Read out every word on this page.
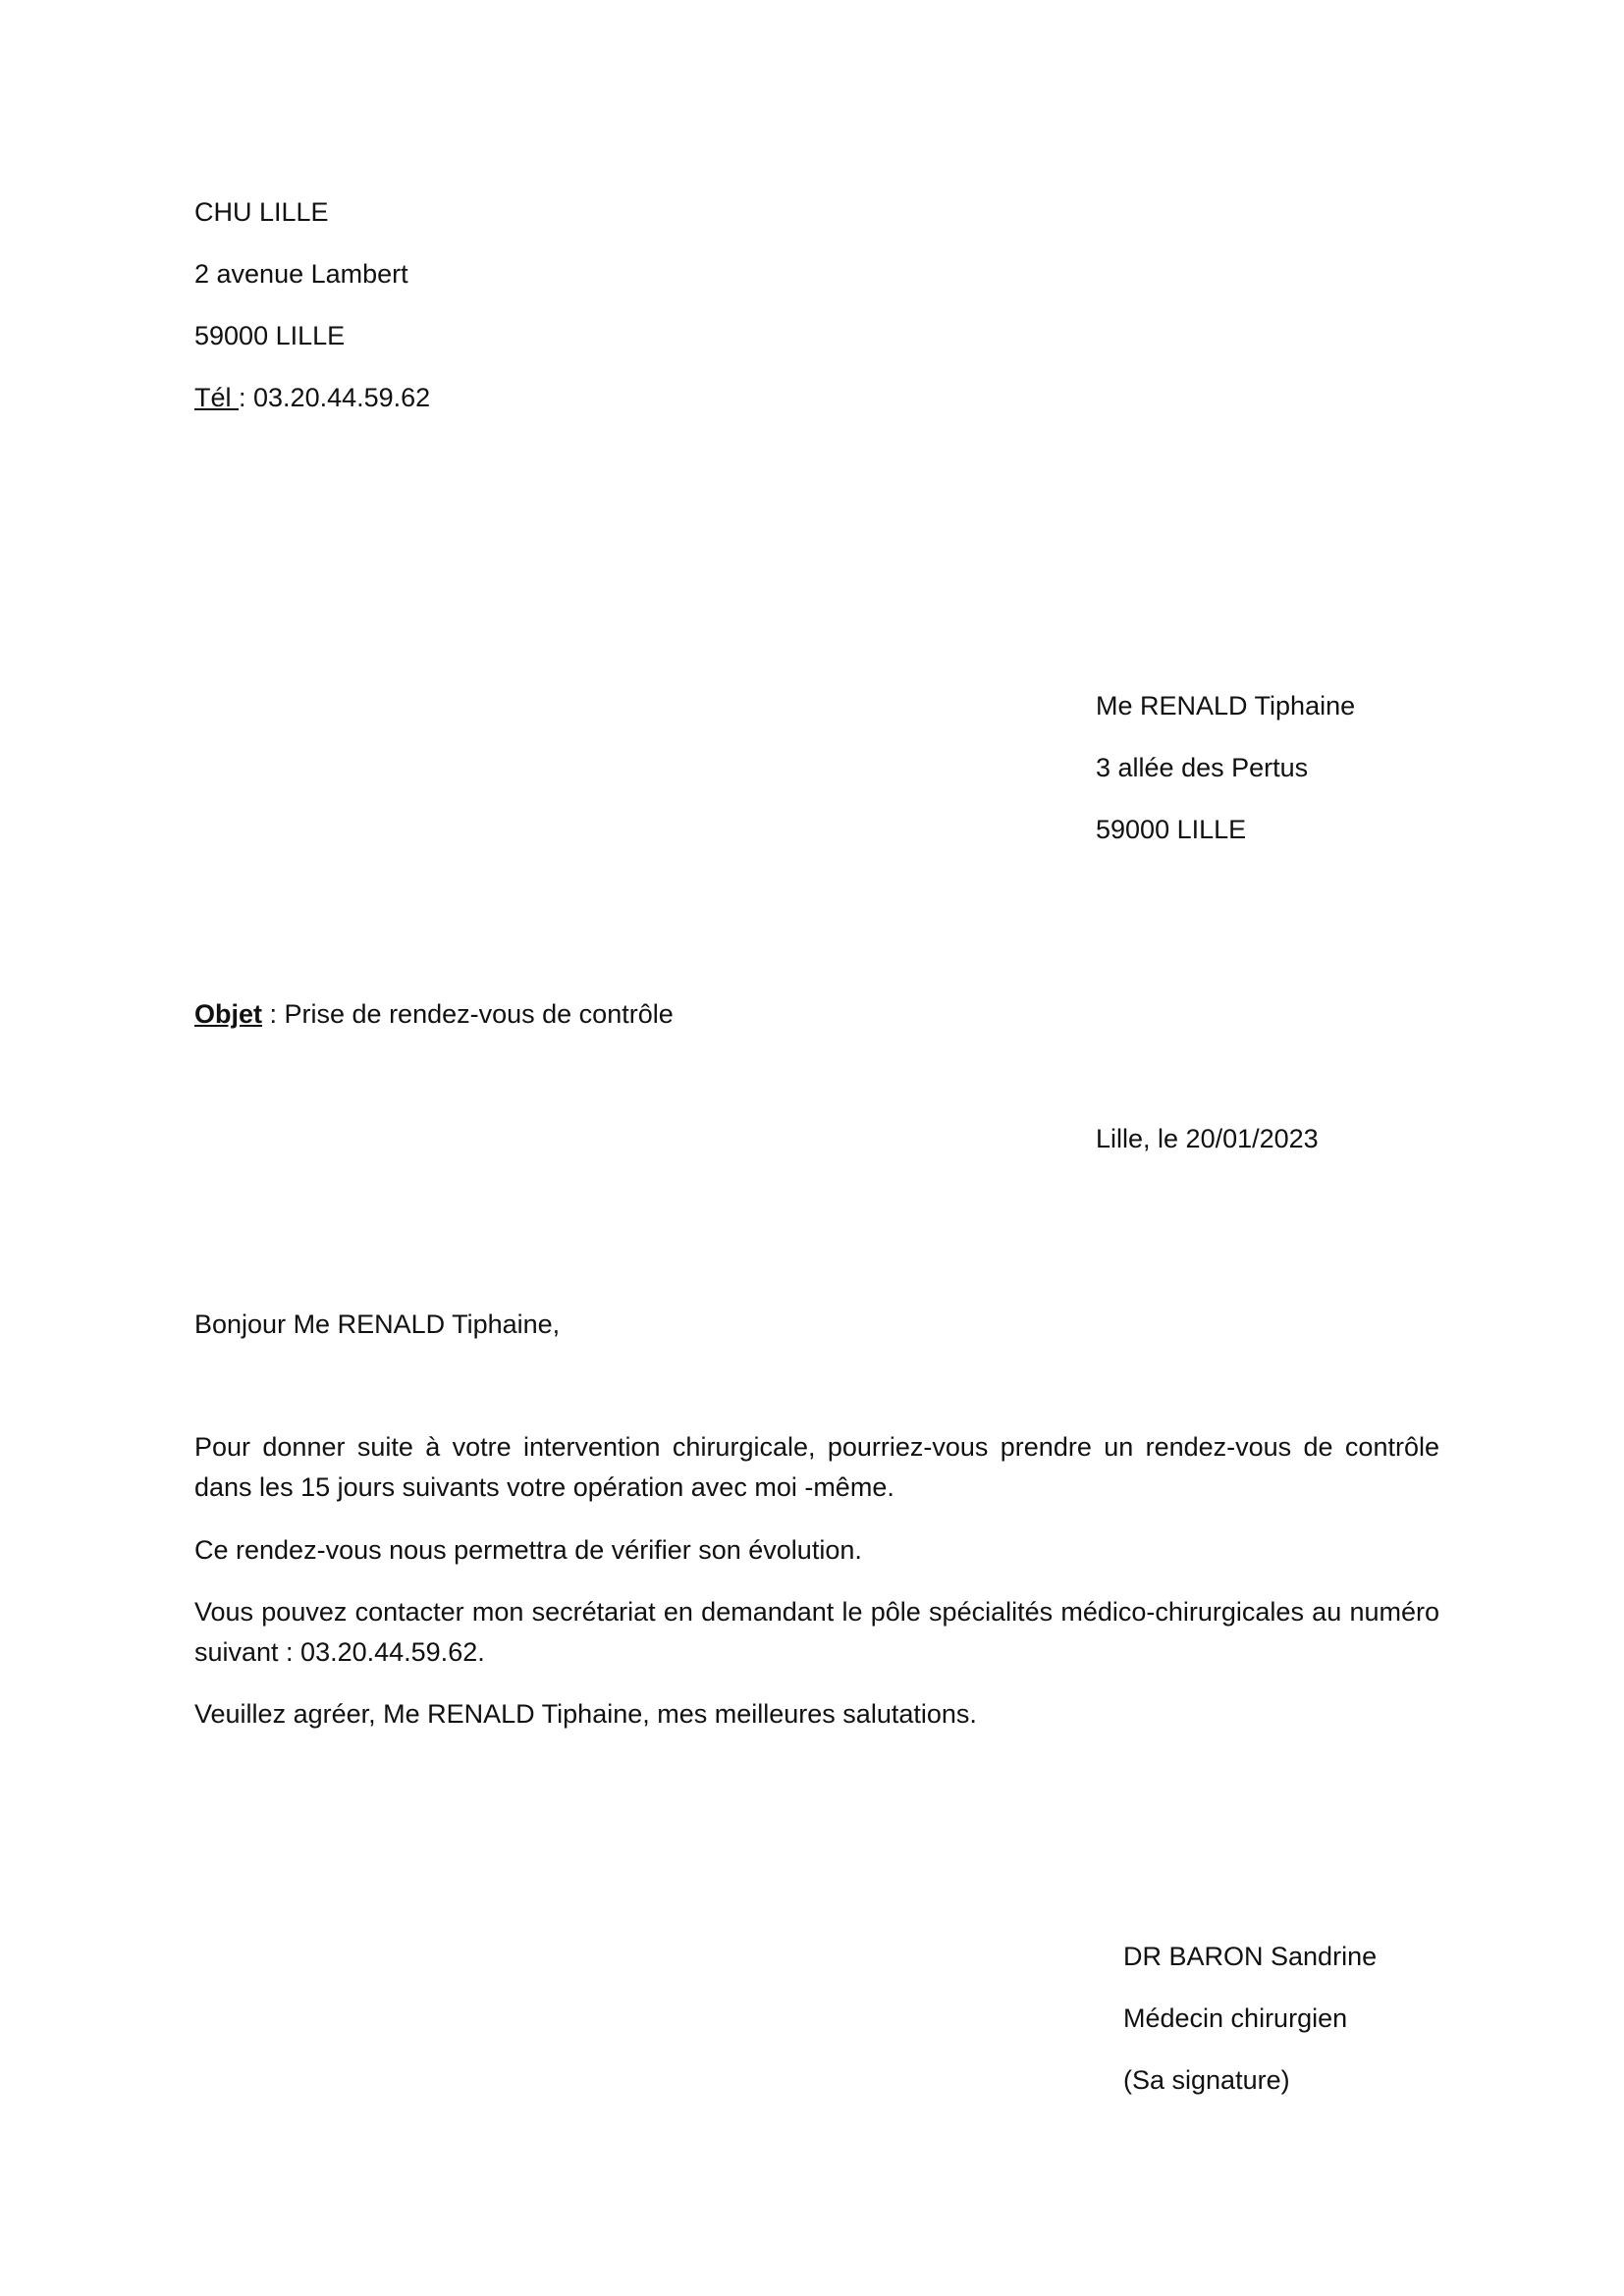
CHU LILLE

2 avenue Lambert

59000 LILLE

Tél : 03.20.44.59.62

Me RENALD Tiphaine

3 allée des Pertus

59000 LILLE

Objet : Prise de rendez-vous de contrôle

Lille, le 20/01/2023

Bonjour Me RENALD Tiphaine,

Pour donner suite à votre intervention chirurgicale, pourriez-vous prendre un rendez-vous de contrôle dans les 15 jours suivants votre opération avec moi -même.

Ce rendez-vous nous permettra de vérifier son évolution.

Vous pouvez contacter mon secrétariat en demandant le pôle spécialités médico-chirurgicales au numéro suivant : 03.20.44.59.62.

Veuillez agréer, Me RENALD Tiphaine, mes meilleures salutations.

DR BARON Sandrine

Médecin chirurgien

(Sa signature)
